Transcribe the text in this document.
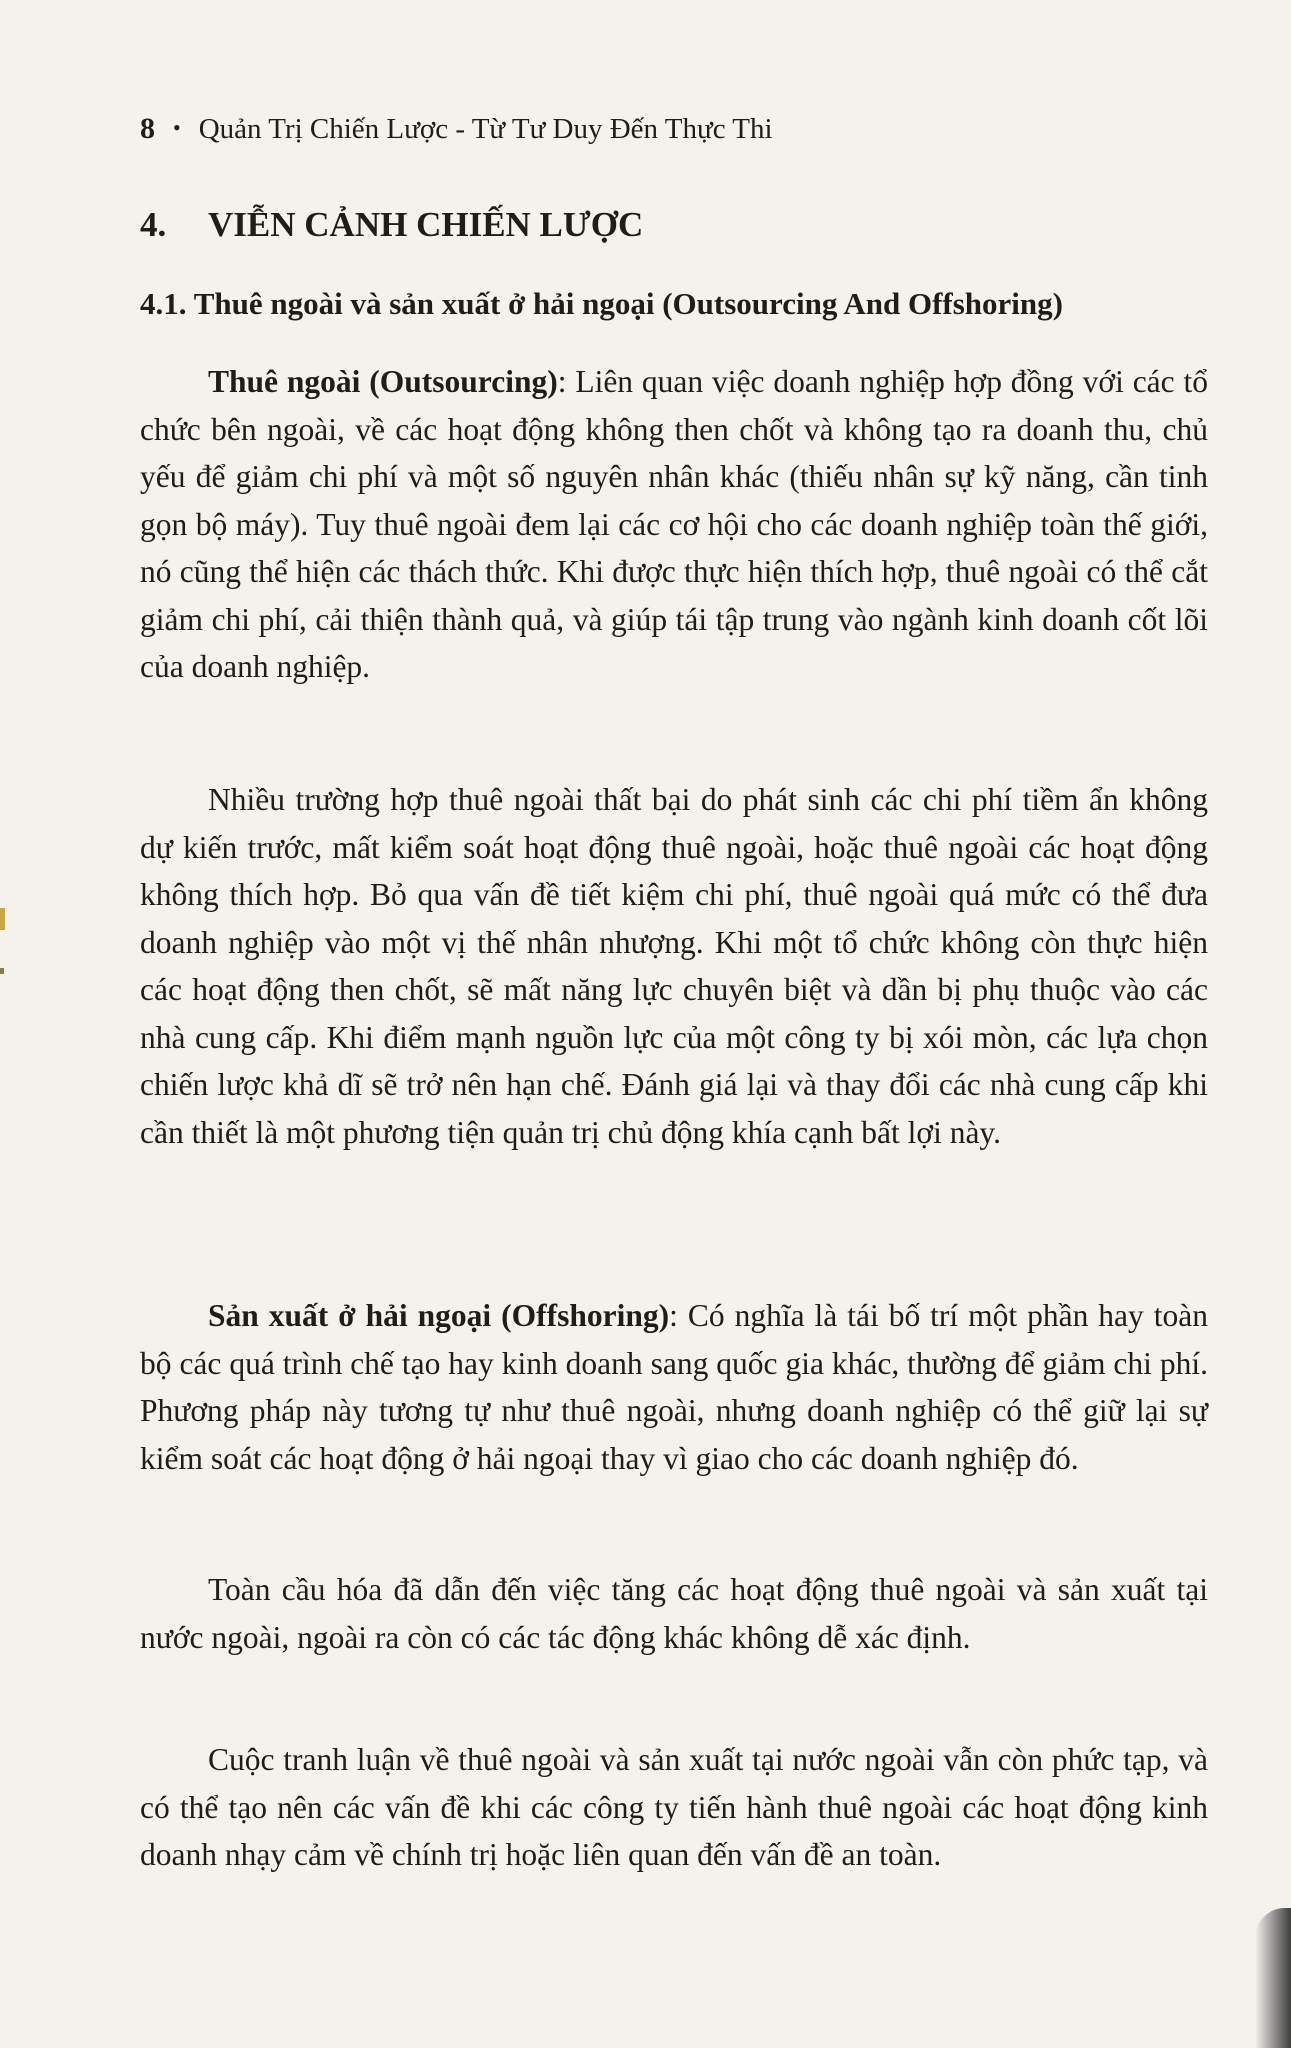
8 • Quản Trị Chiến Lược - Từ Tư Duy Đến Thực Thi
4. VIỄN CẢNH CHIẾN LƯỢC
4.1. Thuê ngoài và sản xuất ở hải ngoại (Outsourcing And Offshoring)

Thuê ngoài (Outsourcing): Liên quan việc doanh nghiệp hợp đồng với các tổ chức bên ngoài, về các hoạt động không then chốt và không tạo ra doanh thu, chủ yếu để giảm chi phí và một số nguyên nhân khác (thiếu nhân sự kỹ năng, cần tinh gọn bộ máy). Tuy thuê ngoài đem lại các cơ hội cho các doanh nghiệp toàn thế giới, nó cũng thể hiện các thách thức. Khi được thực hiện thích hợp, thuê ngoài có thể cắt giảm chi phí, cải thiện thành quả, và giúp tái tập trung vào ngành kinh doanh cốt lõi của doanh nghiệp.

Nhiều trường hợp thuê ngoài thất bại do phát sinh các chi phí tiềm ẩn không dự kiến trước, mất kiểm soát hoạt động thuê ngoài, hoặc thuê ngoài các hoạt động không thích hợp. Bỏ qua vấn đề tiết kiệm chi phí, thuê ngoài quá mức có thể đưa doanh nghiệp vào một vị thế nhân nhượng. Khi một tổ chức không còn thực hiện các hoạt động then chốt, sẽ mất năng lực chuyên biệt và dần bị phụ thuộc vào các nhà cung cấp. Khi điểm mạnh nguồn lực của một công ty bị xói mòn, các lựa chọn chiến lược khả dĩ sẽ trở nên hạn chế. Đánh giá lại và thay đổi các nhà cung cấp khi cần thiết là một phương tiện quản trị chủ động khía cạnh bất lợi này.

Sản xuất ở hải ngoại (Offshoring): Có nghĩa là tái bố trí một phần hay toàn bộ các quá trình chế tạo hay kinh doanh sang quốc gia khác, thường để giảm chi phí. Phương pháp này tương tự như thuê ngoài, nhưng doanh nghiệp có thể giữ lại sự kiểm soát các hoạt động ở hải ngoại thay vì giao cho các doanh nghiệp đó.

Toàn cầu hóa đã dẫn đến việc tăng các hoạt động thuê ngoài và sản xuất tại nước ngoài, ngoài ra còn có các tác động khác không dễ xác định.

Cuộc tranh luận về thuê ngoài và sản xuất tại nước ngoài vẫn còn phức tạp, và có thể tạo nên các vấn đề khi các công ty tiến hành thuê ngoài các hoạt động kinh doanh nhạy cảm về chính trị hoặc liên quan đến vấn đề an toàn.
